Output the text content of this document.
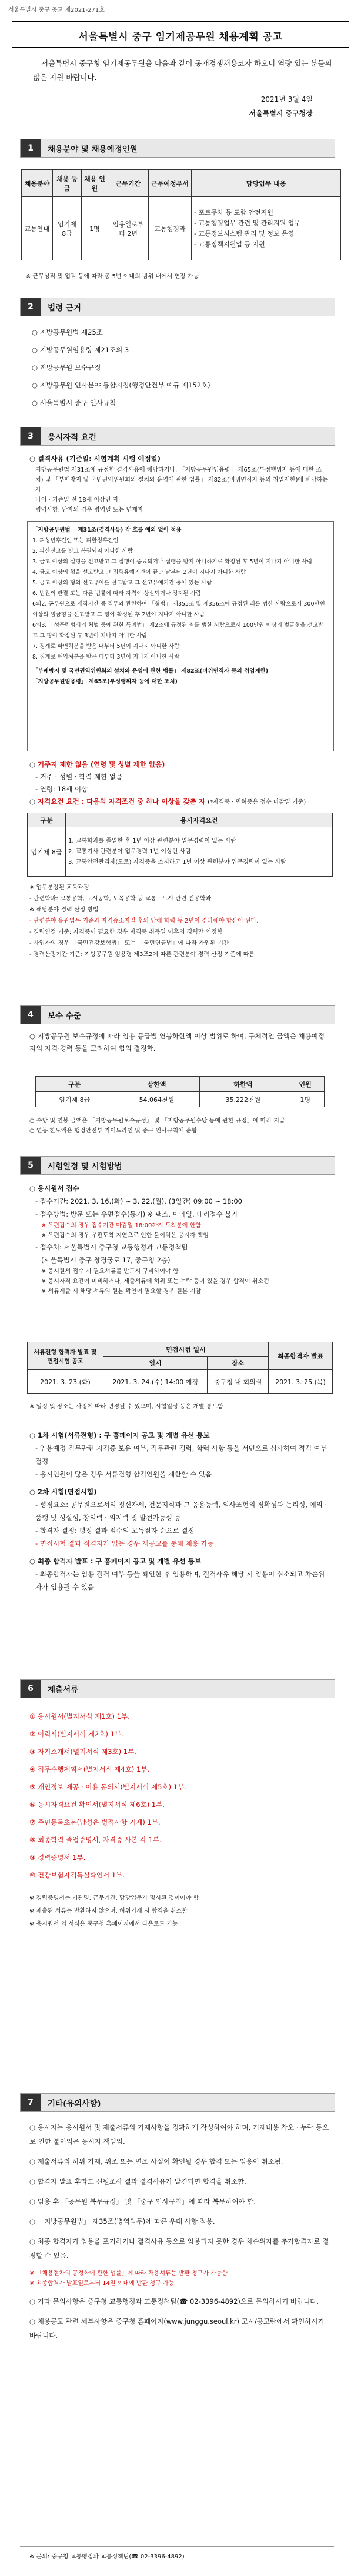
서울특별시 중구 공고 제2021-271호
서울특별시 중구 임기제공무원 채용계획 공고
서울특별시 중구청 임기제공무원을 다음과 같이 공개경쟁채용코자 하오니 역량 있는 분들의 많은 지원 바랍니다.
2021년 3월 4일
서울특별시 중구청장
1	채용분야 및 채용예정인원
채용분야	채용 등급	채용 인원	근무기간	근무예정부서	담당업무 내용
교통안내	임기제 8급	1명	임용일로부터 2년	교통행정과	- 포로주차 등 포함 안전지원
- 교통행정업무 관련 및 관리지원 업무
- 교통정보시스템 관리 및 정보 운영
- 교통정책지원업 등 지원
※ 근무성적 및 업적 등에 따라 총 5년 이내의 범위 내에서 연장 가능
2	법령 근거
○ 지방공무원법 제25조
○ 지방공무원임용령 제21조의 3
○ 지방공무원 보수규정
○ 지방공무원 인사분야 통합지침(행정안전부 예규 제152호)
○ 서울특별시 중구 인사규칙
3	응시자격 요건
○ 결격사유 (기준일: 시험계획 시행 예정일)
지방공무원법 제31조에 규정한 결격사유에 해당하거나, 「지방공무원임용령」 제65조(부정행위자 등에 대한 조치) 및 「부패방지 및 국민권익위원회의 설치와 운영에 관한 법률」 제82조(비위면직자 등의 취업제한)에 해당하는 자
나이 · 기준일 전 18세 이상인 자
병역사항: 남자의 경우 병역필 또는 면제자
「지방공무원법」 제31조(결격사유) 각 호를 예외 없이 적용
1. 피성년후견인 또는 피한정후견인
2. 파산선고를 받고 복권되지 아니한 사람
3. 금고 이상의 실형을 선고받고 그 집행이 종료되거나 집행을 받지 아니하기로 확정된 후 5년이 지나지 아니한 사람
4. 금고 이상의 형을 선고받고 그 집행유예기간이 끝난 날부터 2년이 지나지 아니한 사람
5. 금고 이상의 형의 선고유예를 선고받고 그 선고유예기간 중에 있는 사람
6. 법원의 판결 또는 다른 법률에 따라 자격이 상실되거나 정지된 사람
6의2. 공무원으로 재직기간 중 직무와 관련하여 「형법」 제355조 및 제356조에 규정된 죄를 범한 사람으로서 300만원 이상의 벌금형을 선고받고 그 형이 확정된 후 2년이 지나지 아니한 사람
6의3. 「성폭력범죄의 처벌 등에 관한 특례법」 제2조에 규정된 죄를 범한 사람으로서 100만원 이상의 벌금형을 선고받고 그 형이 확정된 후 3년이 지나지 아니한 사람
7. 징계로 파면처분을 받은 때부터 5년이 지나지 아니한 사람
8. 징계로 해임처분을 받은 때부터 3년이 지나지 아니한 사람
「부패방지 및 국민권익위원회의 설치와 운영에 관한 법률」 제82조(비위면직자 등의 취업제한)
「지방공무원임용령」 제65조(부정행위자 등에 대한 조치)
○ 거주지 제한 없음 (연령 및 성별 제한 없음)
- 거주 · 성별 · 학력 제한 없음
- 연령: 18세 이상
○ 자격요건 요건 : 다음의 자격조건 중 하나 이상을 갖춘 자 (*자격증 · 면허증은 접수 마감일 기준)
구분	응시자격요건
임기제 8급	1. 교통학과를 졸업한 후 1년 이상 관련분야 업무경력이 있는 사람
2. 교통기사 관련분야 업무경력 1년 이상인 사람
3. 교통안전관리자(도로) 자격증을 소지하고 1년 이상 관련분야 업무경력이 있는 사람
※ 업무분장된 교육과정
- 관련학과: 교통공학, 도시공학, 토목공학 등 교통 · 도시 관련 전공학과
※ 해당분야 경력 산정 방법
- 관련분야 유관업무 기준과 자격증소지일 후의 당해 학력 등 2년이 경과해야 합산이 된다.
- 경력인정 기준: 자격증이 필요한 경우 자격증 취득일 이후의 경력만 인정함
- 사업자의 경우 「국민건강보험법」 또는 「국민연금법」에 따라 가입된 기간
- 경력산정기간 기준: 지방공무원 임용령 제3조2에 따른 관련분야 경력 산정 기준에 따름
4	보수 수준
○ 지방공무원 보수규정에 따라 임용 등급별 연봉하한액 이상 범위로 하며, 구체적인 금액은 채용예정자의 자격·경력 등을 고려하여 협의 결정함.
구분	상한액	하한액	인원
임기제 8급	54,064천원	35,222천원	1명
○ 수당 및 연봉 금액은 「지방공무원보수규정」 및 「지방공무원수당 등에 관한 규정」에 따라 지급
○ 연봉 한도액은 행정안전부 가이드라인 및 중구 인사규칙에 준함
5	시험일정 및 시험방법
○ 응시원서 접수
- 접수기간: 2021. 3. 16.(화) ~ 3. 22.(월), (3일간) 09:00 ~ 18:00
- 접수방법: 방문 또는 우편접수(등기) ※ 팩스, 이메일, 대리접수 불가
※ 우편접수의 경우 접수기간 마감일 18:00까지 도착분에 한함
※ 우편접수의 경우 우편도착 지연으로 인한 불이익은 응시자 책임
- 접수처: 서울특별시 중구청 교통행정과 교통정책팀
(서울특별시 중구 창경궁로 17, 중구청 2층)
※ 응시원서 접수 시 필요서류를 반드시 구비하여야 함
※ 응시자격 요건이 미비하거나, 제출서류에 허위 또는 누락 등이 있을 경우 합격이 취소됨
※ 서류제출 시 해당 서류의 원본 확인이 필요할 경우 원본 지참
서류전형 합격자 발표 및 면접시험 공고	면접시험 일시		최종합격자 발표
	일시	장소	
2021. 3. 23.(화)	2021. 3. 24.(수) 14:00 예정	중구청 내 회의실	2021. 3. 25.(목)
※ 일정 및 장소는 사정에 따라 변경될 수 있으며, 시험일정 등은 개별 통보함
○ 1차 시험(서류전형) : 구 홈페이지 공고 및 개별 유선 통보
- 임용예정 직무관련 자격증 보유 여부, 직무관련 경력, 학력 사항 등을 서면으로 심사하여 적격 여부 결정
- 응시인원이 많은 경우 서류전형 합격인원을 제한할 수 있음
○ 2차 시험(면접시험)
- 평정요소: 공무원으로서의 정신자세, 전문지식과 그 응용능력, 의사표현의 정확성과 논리성, 예의 · 품행 및 성실성, 창의력 · 의지력 및 발전가능성 등
- 합격자 결정: 평정 결과 점수의 고득점자 순으로 결정
- 면접시험 결과 적격자가 없는 경우 재공고를 통해 채용 가능
○ 최종 합격자 발표 : 구 홈페이지 공고 및 개별 유선 통보
- 최종합격자는 임용 결격 여부 등을 확인한 후 임용하며, 결격사유 해당 시 임용이 취소되고 차순위자가 임용될 수 있음
6	제출서류
① 응시원서(별지서식 제1호) 1부.
② 이력서(별지서식 제2호) 1부.
③ 자기소개서(별지서식 제3호) 1부.
④ 직무수행계획서(별지서식 제4호) 1부.
⑤ 개인정보 제공 · 이용 동의서(별지서식 제5호) 1부.
⑥ 응시자격요건 확인서(별지서식 제6호) 1부.
⑦ 주민등록초본(남성은 병적사항 기재) 1부.
⑧ 최종학력 졸업증명서, 자격증 사본 각 1부.
⑨ 경력증명서 1부.
⑩ 건강보험자격득실확인서 1부.
※ 경력증명서는 기관명, 근무기간, 담당업무가 명시된 것이어야 함
※ 제출된 서류는 반환하지 않으며, 허위기재 시 합격을 취소함
※ 응시원서 외 서식은 중구청 홈페이지에서 다운로드 가능
7	기타(유의사항)
○ 응시자는 응시원서 및 제출서류의 기재사항을 정확하게 작성하여야 하며, 기재내용 착오 · 누락 등으로 인한 불이익은 응시자 책임임.
○ 제출서류의 허위 기재, 위조 또는 변조 사실이 확인될 경우 합격 또는 임용이 취소됨.
○ 합격자 발표 후라도 신원조사 결과 결격사유가 발견되면 합격을 취소함.
○ 임용 후 「공무원 복무규정」 및 「중구 인사규칙」에 따라 복무하여야 함.
○ 「지방공무원법」 제35조(병역의무)에 따른 우대 사항 적용.
○ 최종 합격자가 임용을 포기하거나 결격사유 등으로 임용되지 못한 경우 차순위자를 추가합격자로 결정할 수 있음.
※ 「채용절차의 공정화에 관한 법률」에 따라 채용서류는 반환 청구가 가능함
※ 최종합격자 발표일로부터 14일 이내에 반환 청구 가능
○ 기타 문의사항은 중구청 교통행정과 교통정책팀(☎ 02-3396-4892)으로 문의하시기 바랍니다.
○ 채용공고 관련 세부사항은 중구청 홈페이지(www.junggu.seoul.kr) 고시/공고란에서 확인하시기 바랍니다.
※ 문의: 중구청 교통행정과 교통정책팀(☎ 02-3396-4892)
